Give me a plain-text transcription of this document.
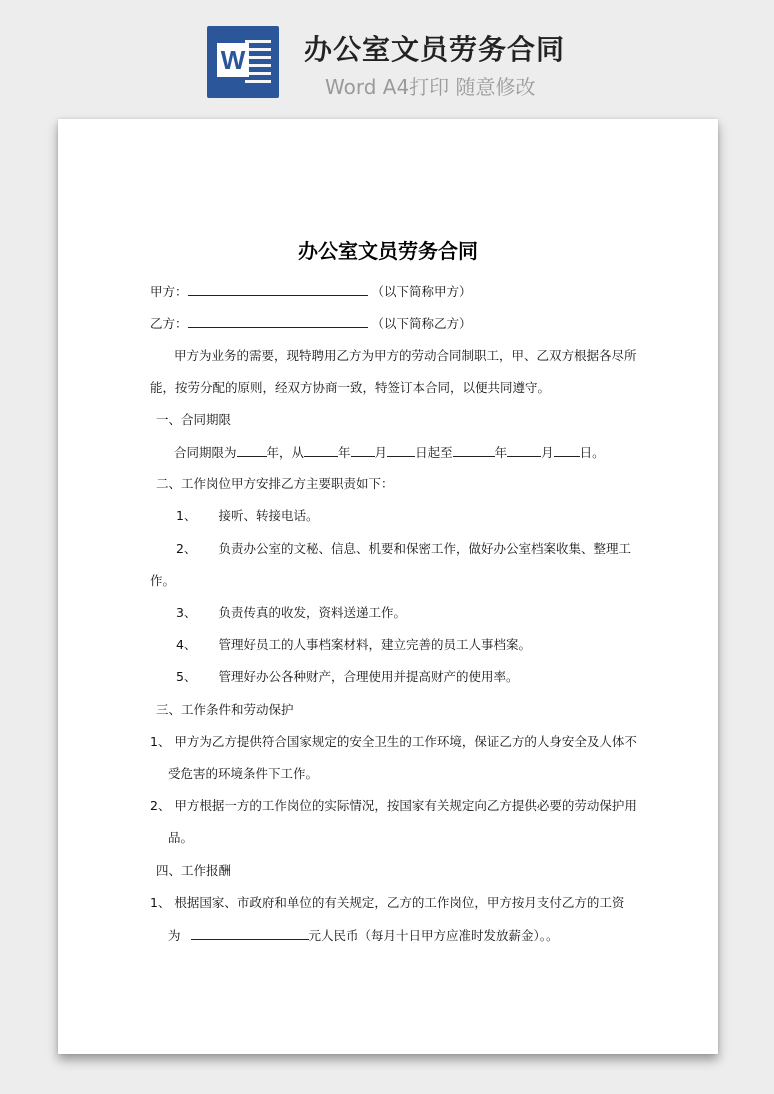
W 办公室文员劳务合同
Word A4打印 随意修改

办公室文员劳务合同
甲方：	（以下简称甲方）
乙方：	（以下简称乙方）
甲方为业务的需要，现特聘用乙方为甲方的劳动合同制职工，甲、乙双方根据各尽所
能，按劳分配的原则，经双方协商一致，特签订本合同，以便共同遵守。
一、合同期限
合同期限为 年，从	年 月 日起至	年	月 日。
二、工作岗位甲方安排乙方主要职责如下：
1、 接听、转接电话。
2、 负责办公室的文秘、信息、机要和保密工作，做好办公室档案收集、整理工
作。
3、 负责传真的收发，资料送递工作。
4、 管理好员工的人事档案材料，建立完善的员工人事档案。
5、 管理好办公各种财产，合理使用并提高财产的使用率。
三、工作条件和劳动保护
1、 甲方为乙方提供符合国家规定的安全卫生的工作环境，保证乙方的人身安全及人体不
受危害的环境条件下工作。
2、 甲方根据一方的工作岗位的实际情况，按国家有关规定向乙方提供必要的劳动保护用
品。
四、工作报酬
1、 根据国家、市政府和单位的有关规定，乙方的工作岗位，甲方按月支付乙方的工资
为	元人民币（每月十日甲方应准时发放薪金）。。
